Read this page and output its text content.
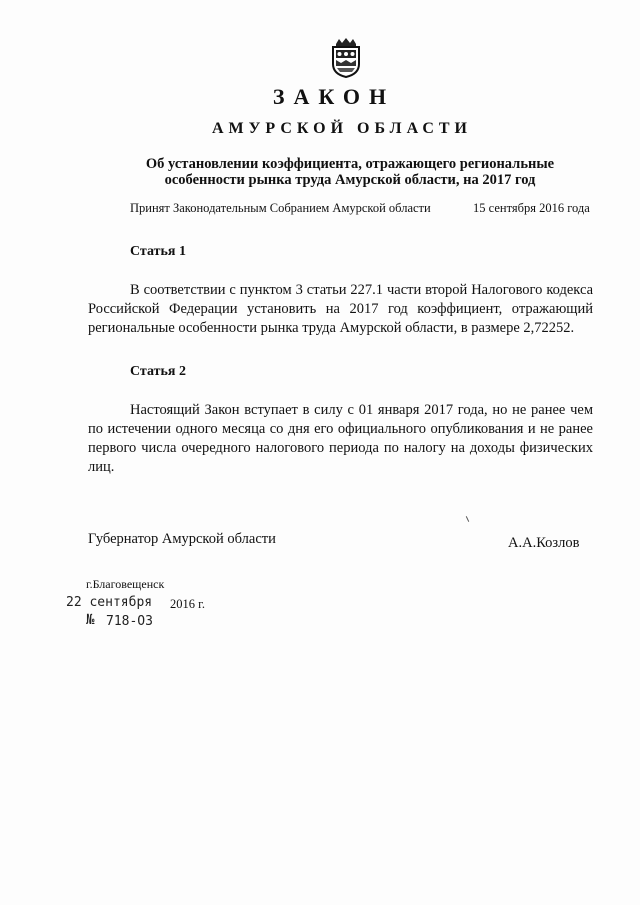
ЗАКОН
АМУРСКОЙ ОБЛАСТИ
Об установлении коэффициента, отражающего региональные
особенности рынка труда Амурской области, на 2017 год
Принят Законодательным Собранием Амурской области	15 сентября 2016 года
Статья 1
В соответствии с пунктом 3 статьи 227.1 части второй Налогового кодекса Российской Федерации установить на 2017 год коэффициент, отражающий региональные особенности рынка труда Амурской области, в размере 2,72252.
Статья 2
Настоящий Закон вступает в силу с 01 января 2017 года, но не ранее чем по истечении одного месяца со дня его официального опубликования и не ранее первого числа очередного налогового периода по налогу на доходы физических лиц.
Губернатор Амурской области	А.А.Козлов
г.Благовещенск
22 сентября 2016 г.
№ 718-ОЗ
